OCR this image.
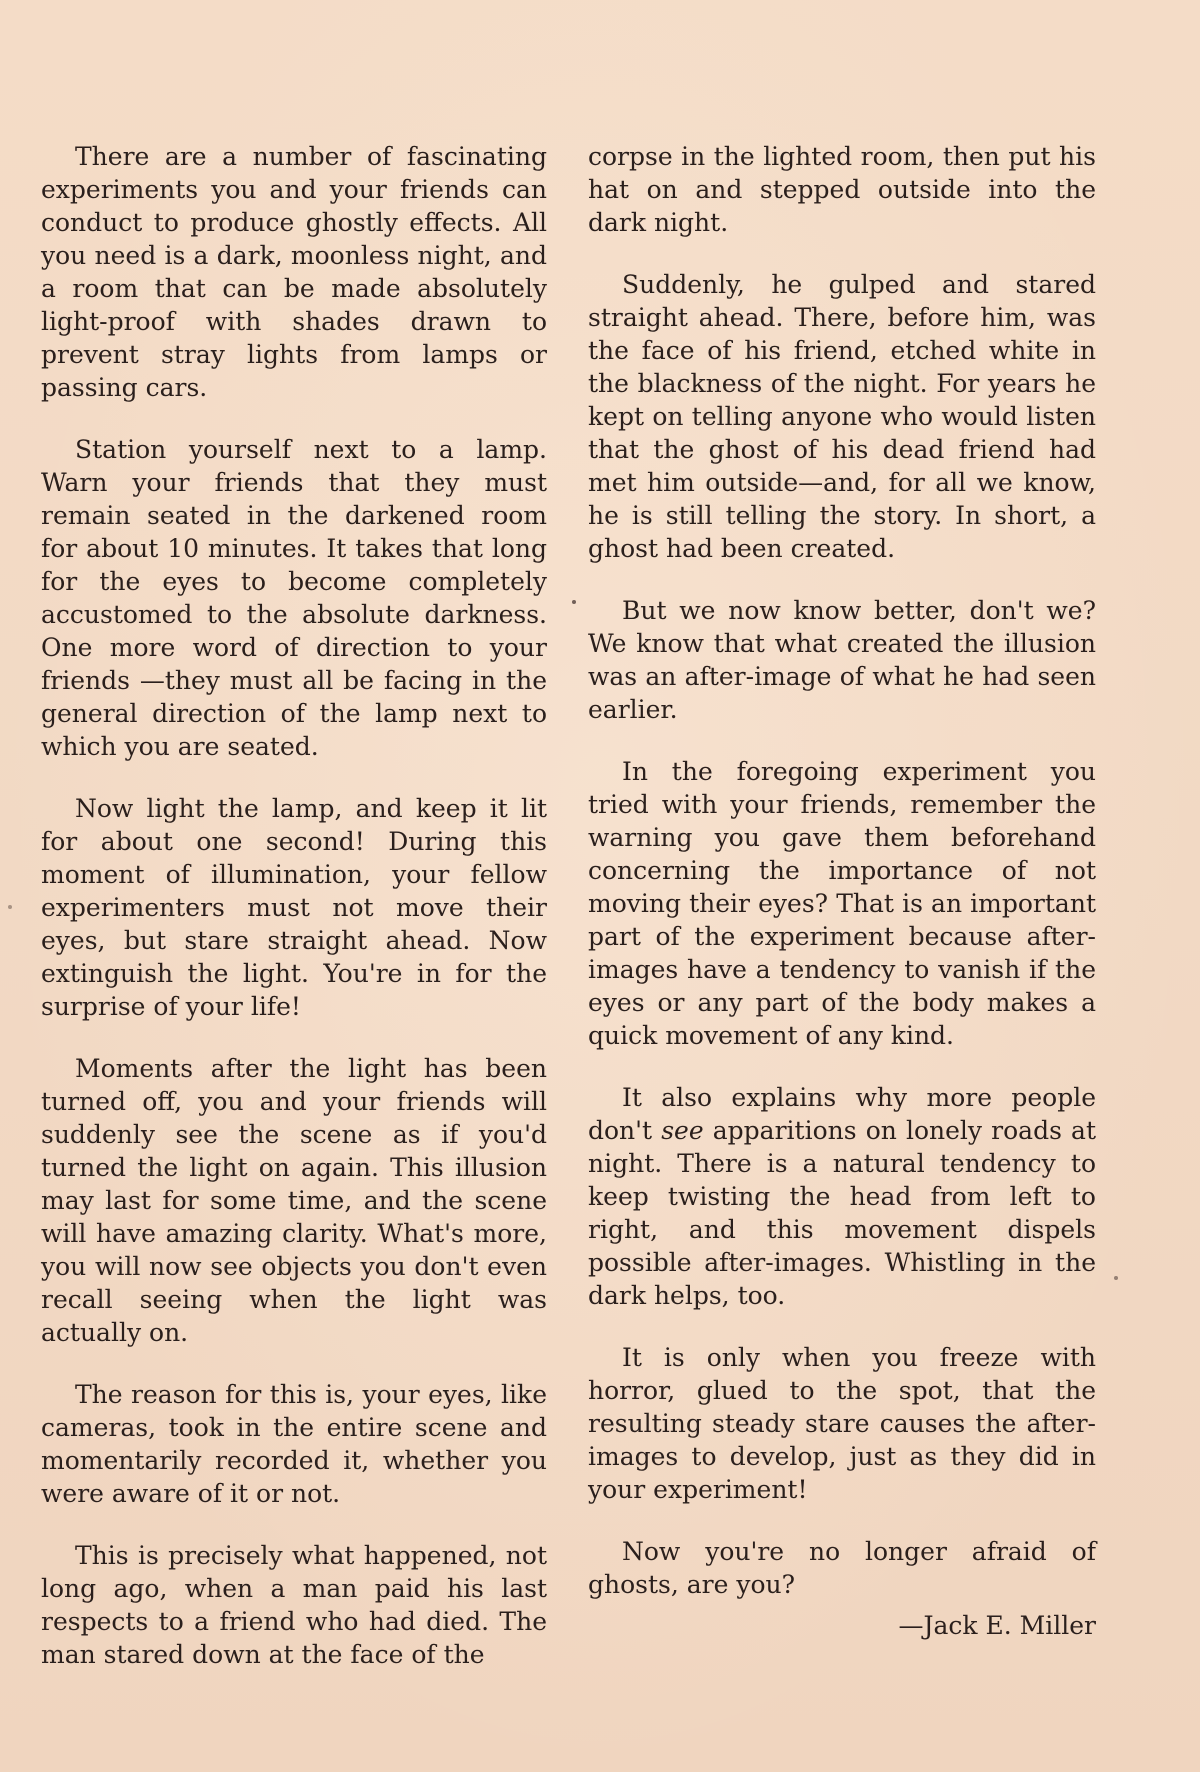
There are a number of fascinating experiments you and your friends can conduct to produce ghostly effects. All you need is a dark, moonless night, and a room that can be made absolutely light-proof with shades drawn to prevent stray lights from lamps or passing cars.

Station yourself next to a lamp. Warn your friends that they must remain seated in the darkened room for about 10 minutes. It takes that long for the eyes to become completely accustomed to the absolute darkness. One more word of direction to your friends —they must all be facing in the general direction of the lamp next to which you are seated.

Now light the lamp, and keep it lit for about one second! During this moment of illumination, your fellow experimenters must not move their eyes, but stare straight ahead. Now extinguish the light. You're in for the surprise of your life!

Moments after the light has been turned off, you and your friends will suddenly see the scene as if you'd turned the light on again. This illusion may last for some time, and the scene will have amazing clarity. What's more, you will now see objects you don't even recall seeing when the light was actually on.

The reason for this is, your eyes, like cameras, took in the entire scene and momentarily recorded it, whether you were aware of it or not.

This is precisely what happened, not long ago, when a man paid his last respects to a friend who had died. The man stared down at the face of the

corpse in the lighted room, then put his hat on and stepped outside into the dark night.

Suddenly, he gulped and stared straight ahead. There, before him, was the face of his friend, etched white in the blackness of the night. For years he kept on telling anyone who would listen that the ghost of his dead friend had met him outside—and, for all we know, he is still telling the story. In short, a ghost had been created.

But we now know better, don't we? We know that what created the illusion was an after-image of what he had seen earlier.

In the foregoing experiment you tried with your friends, remember the warning you gave them beforehand concerning the importance of not moving their eyes? That is an important part of the experiment because after-images have a tendency to vanish if the eyes or any part of the body makes a quick movement of any kind.

It also explains why more people don't see apparitions on lonely roads at night. There is a natural tendency to keep twisting the head from left to right, and this movement dispels possible after-images. Whistling in the dark helps, too.

It is only when you freeze with horror, glued to the spot, that the resulting steady stare causes the after-images to develop, just as they did in your experiment!

Now you're no longer afraid of ghosts, are you?

—Jack E. Miller
